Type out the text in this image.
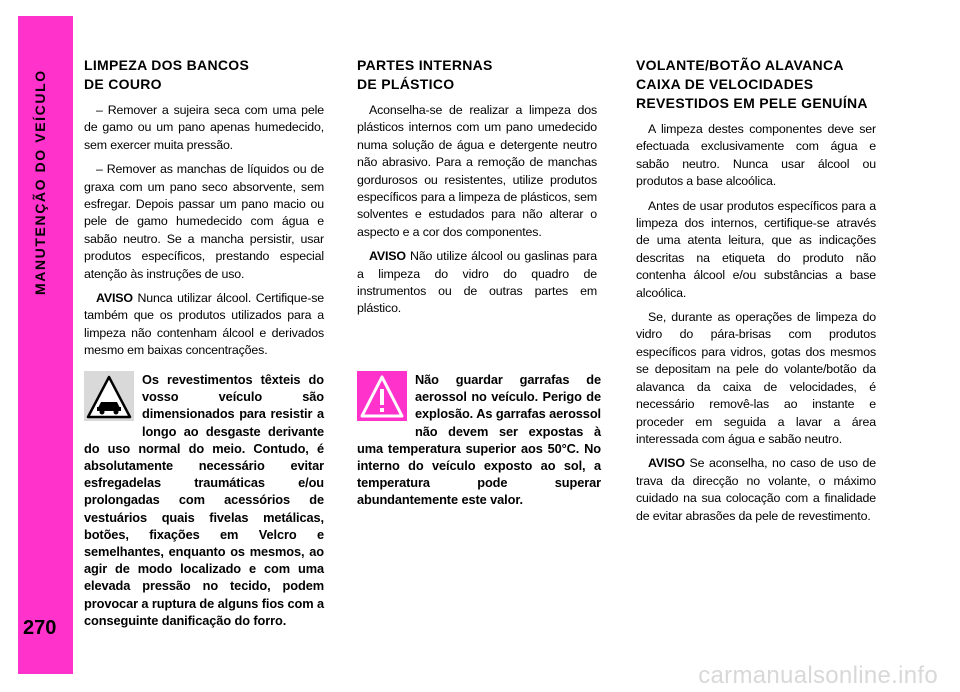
MANUTENÇÃO DO VEÍCULO
270
LIMPEZA DOS BANCOS
DE COURO

– Remover a sujeira seca com uma pele de gamo ou um pano apenas humedecido, sem exercer muita pressão.

– Remover as manchas de líquidos ou de graxa com um pano seco absorvente, sem esfregar. Depois passar um pano macio ou pele de gamo humedecido com água e sabão neutro. Se a mancha persistir, usar produtos específicos, prestando especial atenção às instruções de uso.

AVISO Nunca utilizar álcool. Certifique-se também que os produtos utilizados para a limpeza não contenham álcool e derivados mesmo em baixas concentrações.

Os revestimentos têxteis do vosso veículo são dimensionados para resistir a longo ao desgaste derivante do uso normal do meio. Contudo, é absolutamente necessário evitar esfregadelas traumáticas e/ou prolongadas com acessórios de vestuários quais fivelas metálicas, botões, fixações em Velcro e semelhantes, enquanto os mesmos, ao agir de modo localizado e com uma elevada pressão no tecido, podem provocar a ruptura de alguns fios com a conseguinte danificação do forro.
PARTES INTERNAS
DE PLÁSTICO

Aconselha-se de realizar a limpeza dos plásticos internos com um pano umedecido numa solução de água e detergente neutro não abrasivo. Para a remoção de manchas gordurosos ou resistentes, utilize produtos específicos para a limpeza de plásticos, sem solventes e estudados para não alterar o aspecto e a cor dos componentes.

AVISO Não utilize álcool ou gaslinas para a limpeza do vidro do quadro de instrumentos ou de outras partes em plástico.

Não guardar garrafas de aerossol no veículo. Perigo de explosão. As garrafas aerossol não devem ser expostas à uma temperatura superior aos 50°C. No interno do veículo exposto ao sol, a temperatura pode superar abundantemente este valor.
VOLANTE/BOTÃO ALAVANCA
CAIXA DE VELOCIDADES
REVESTIDOS EM PELE GENUÍNA

A limpeza destes componentes deve ser efectuada exclusivamente com água e sabão neutro. Nunca usar álcool ou produtos a base alcoólica.

Antes de usar produtos específicos para a limpeza dos internos, certifique-se através de uma atenta leitura, que as indicações descritas na etiqueta do produto não contenha álcool e/ou substâncias a base alcoólica.

Se, durante as operações de limpeza do vidro do pára-brisas com produtos específicos para vidros, gotas dos mesmos se depositam na pele do volante/botão da alavanca da caixa de velocidades, é necessário removê-las ao instante e proceder em seguida a lavar a área interessada com água e sabão neutro.

AVISO Se aconselha, no caso de uso de trava da direcção no volante, o máximo cuidado na sua colocação com a finalidade de evitar abrasões da pele de revestimento.

carmanualsonline.info
